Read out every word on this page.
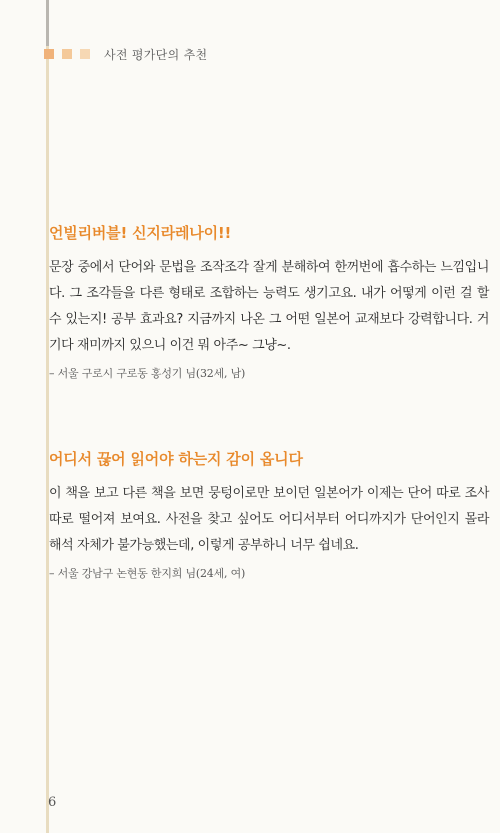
사전 평가단의 추천
언빌리버블! 신지라레나이!!

문장 중에서 단어와 문법을 조작조각 잘게 분해하여 한꺼번에 흡수하는 느낌입니다. 그 조각들을 다른 형태로 조합하는 능력도 생기고요. 내가 어떻게 이런 걸 할 수 있는지! 공부 효과요? 지금까지 나온 그 어떤 일본어 교재보다 강력합니다. 거기다 재미까지 있으니 이건 뭐 아주~ 그냥~.

– 서울 구로시 구로동 홍성기 님(32세, 남)
어디서 끊어 읽어야 하는지 감이 옵니다

이 책을 보고 다른 책을 보면 뭉텅이로만 보이던 일본어가 이제는 단어 따로 조사 따로 떨어져 보여요. 사전을 찾고 싶어도 어디서부터 어디까지가 단어인지 몰라 해석 자체가 불가능했는데, 이렇게 공부하니 너무 쉽네요.

– 서울 강남구 논현동 한지희 님(24세, 여)
6
